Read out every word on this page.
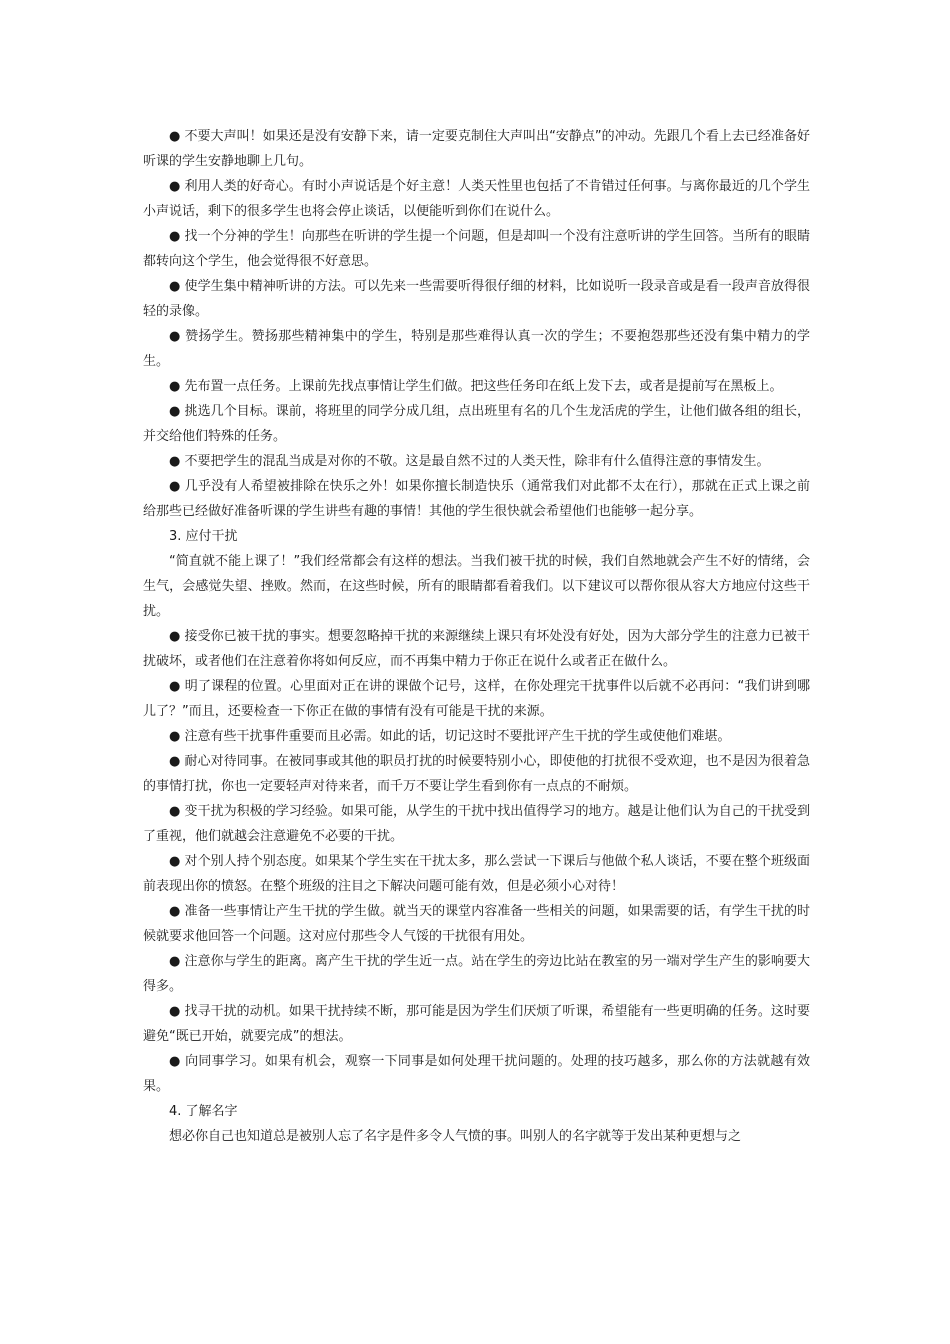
● 不要大声叫！如果还是没有安静下来，请一定要克制住大声叫出“安静点”的冲动。先跟几个看上去已经准备好听课的学生安静地聊上几句。

● 利用人类的好奇心。有时小声说话是个好主意！人类天性里也包括了不肯错过任何事。与离你最近的几个学生小声说话，剩下的很多学生也将会停止谈话，以便能听到你们在说什么。

● 找一个分神的学生！向那些在听讲的学生提一个问题，但是却叫一个没有注意听讲的学生回答。当所有的眼睛都转向这个学生，他会觉得很不好意思。

● 使学生集中精神听讲的方法。可以先来一些需要听得很仔细的材料，比如说听一段录音或是看一段声音放得很轻的录像。

● 赞扬学生。赞扬那些精神集中的学生，特别是那些难得认真一次的学生；不要抱怨那些还没有集中精力的学生。

● 先布置一点任务。上课前先找点事情让学生们做。把这些任务印在纸上发下去，或者是提前写在黑板上。

● 挑选几个目标。课前，将班里的同学分成几组，点出班里有名的几个生龙活虎的学生，让他们做各组的组长，并交给他们特殊的任务。

● 不要把学生的混乱当成是对你的不敬。这是最自然不过的人类天性，除非有什么值得注意的事情发生。

● 几乎没有人希望被排除在快乐之外！如果你擅长制造快乐（通常我们对此都不太在行），那就在正式上课之前给那些已经做好准备听课的学生讲些有趣的事情！其他的学生很快就会希望他们也能够一起分享。

3. 应付干扰

“简直就不能上课了！”我们经常都会有这样的想法。当我们被干扰的时候，我们自然地就会产生不好的情绪，会生气，会感觉失望、挫败。然而，在这些时候，所有的眼睛都看着我们。以下建议可以帮你很从容大方地应付这些干扰。

● 接受你已被干扰的事实。想要忽略掉干扰的来源继续上课只有坏处没有好处，因为大部分学生的注意力已被干扰破坏，或者他们在注意着你将如何反应，而不再集中精力于你正在说什么或者正在做什么。

● 明了课程的位置。心里面对正在讲的课做个记号，这样，在你处理完干扰事件以后就不必再问：“我们讲到哪儿了？”而且，还要检查一下你正在做的事情有没有可能是干扰的来源。

● 注意有些干扰事件重要而且必需。如此的话，切记这时不要批评产生干扰的学生或使他们难堪。

● 耐心对待同事。在被同事或其他的职员打扰的时候要特别小心，即使他的打扰很不受欢迎，也不是因为很着急的事情打扰，你也一定要轻声对待来者，而千万不要让学生看到你有一点点的不耐烦。

● 变干扰为积极的学习经验。如果可能，从学生的干扰中找出值得学习的地方。越是让他们认为自己的干扰受到了重视，他们就越会注意避免不必要的干扰。

● 对个别人持个别态度。如果某个学生实在干扰太多，那么尝试一下课后与他做个私人谈话，不要在整个班级面前表现出你的愤怒。在整个班级的注目之下解决问题可能有效，但是必须小心对待！

● 准备一些事情让产生干扰的学生做。就当天的课堂内容准备一些相关的问题，如果需要的话，有学生干扰的时候就要求他回答一个问题。这对应付那些令人气馁的干扰很有用处。

● 注意你与学生的距离。离产生干扰的学生近一点。站在学生的旁边比站在教室的另一端对学生产生的影响要大得多。

● 找寻干扰的动机。如果干扰持续不断，那可能是因为学生们厌烦了听课，希望能有一些更明确的任务。这时要避免“既已开始，就要完成”的想法。

● 向同事学习。如果有机会，观察一下同事是如何处理干扰问题的。处理的技巧越多，那么你的方法就越有效果。

4. 了解名字

想必你自己也知道总是被别人忘了名字是件多令人气愤的事。叫别人的名字就等于发出某种更想与之
